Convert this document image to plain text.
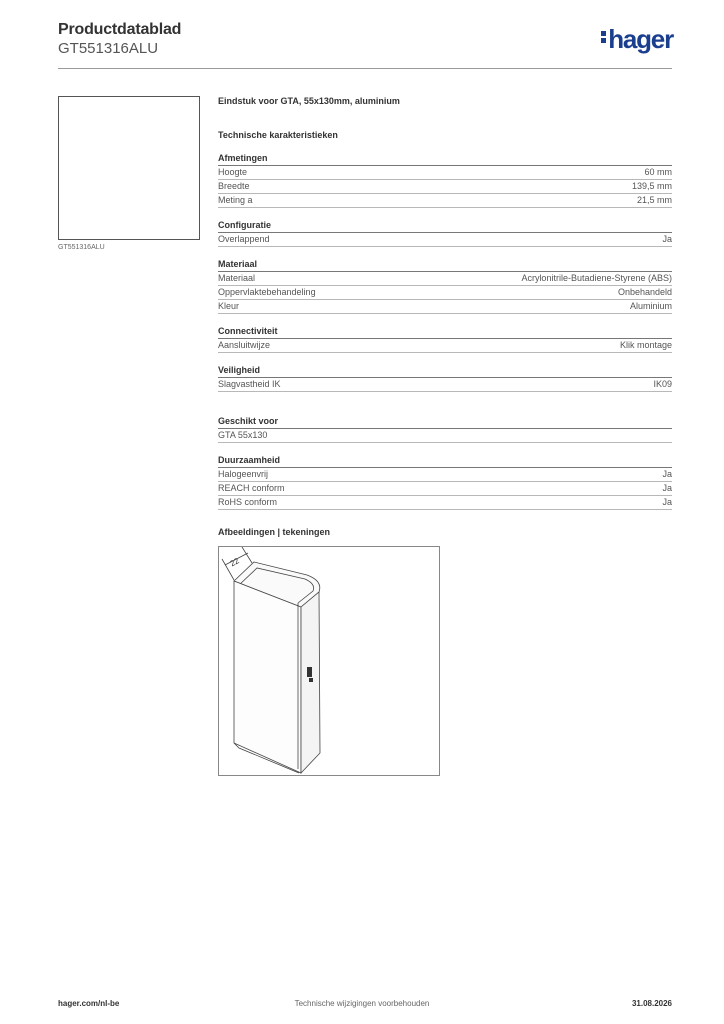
Productdatablad
GT551316ALU	hager
GT551316ALU
Eindstuk voor GTA, 55x130mm, aluminium
Technische karakteristieken
Afmetingen
Hoogte	60 mm
Breedte	139,5 mm
Meting a	21,5 mm
Configuratie
Overlappend	Ja
Materiaal
Materiaal	Acrylonitrile-Butadiene-Styrene (ABS)
Oppervlaktebehandeling	Onbehandeld
Kleur	Aluminium
Connectiviteit
Aansluitwijze	Klik montage
Veiligheid
Slagvastheid IK	IK09
Geschikt voor
GTA 55x130
Duurzaamheid
Halogeenvrij	Ja
REACH conform	Ja
RoHS conform	Ja
Afbeeldingen | tekeningen
22
hager.com/nl-be	Technische wijzigingen voorbehouden	31.08.2026
